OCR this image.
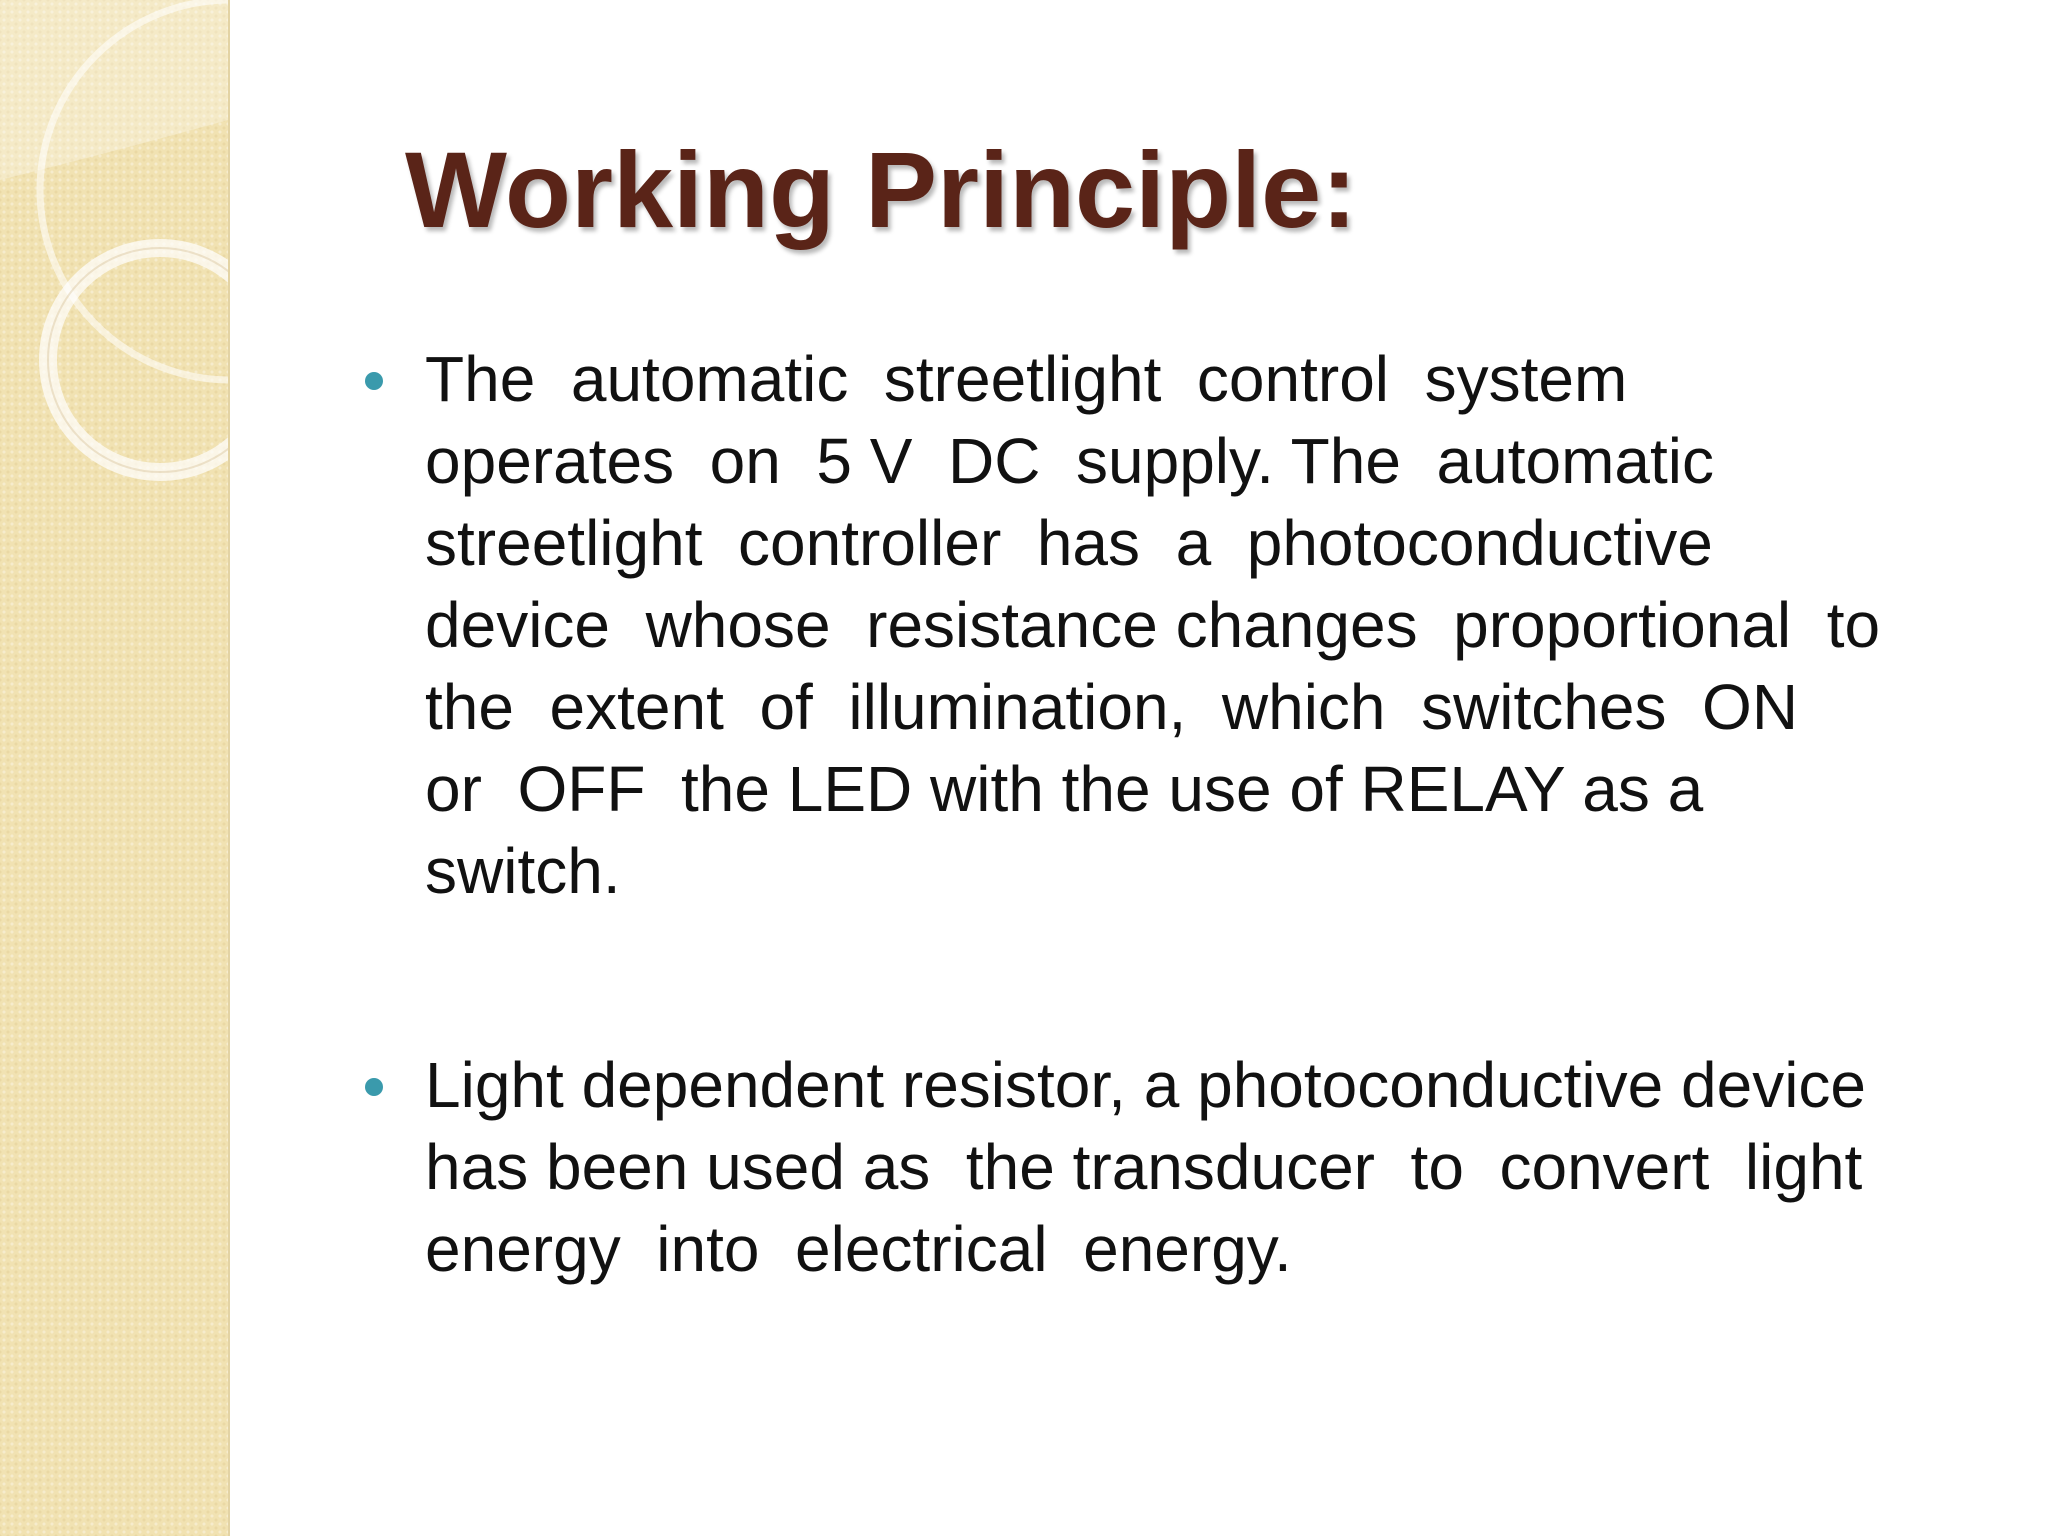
Working Principle:
The  automatic  streetlight  control  system
operates  on  5 V  DC  supply. The  automatic
streetlight  controller  has  a  photoconductive
device  whose  resistance changes  proportional  to
the  extent  of  illumination,  which  switches  ON
or  OFF  the LED with the use of RELAY as a
switch.
Light dependent resistor, a photoconductive device
has been used as  the transducer  to  convert  light
energy  into  electrical  energy.
